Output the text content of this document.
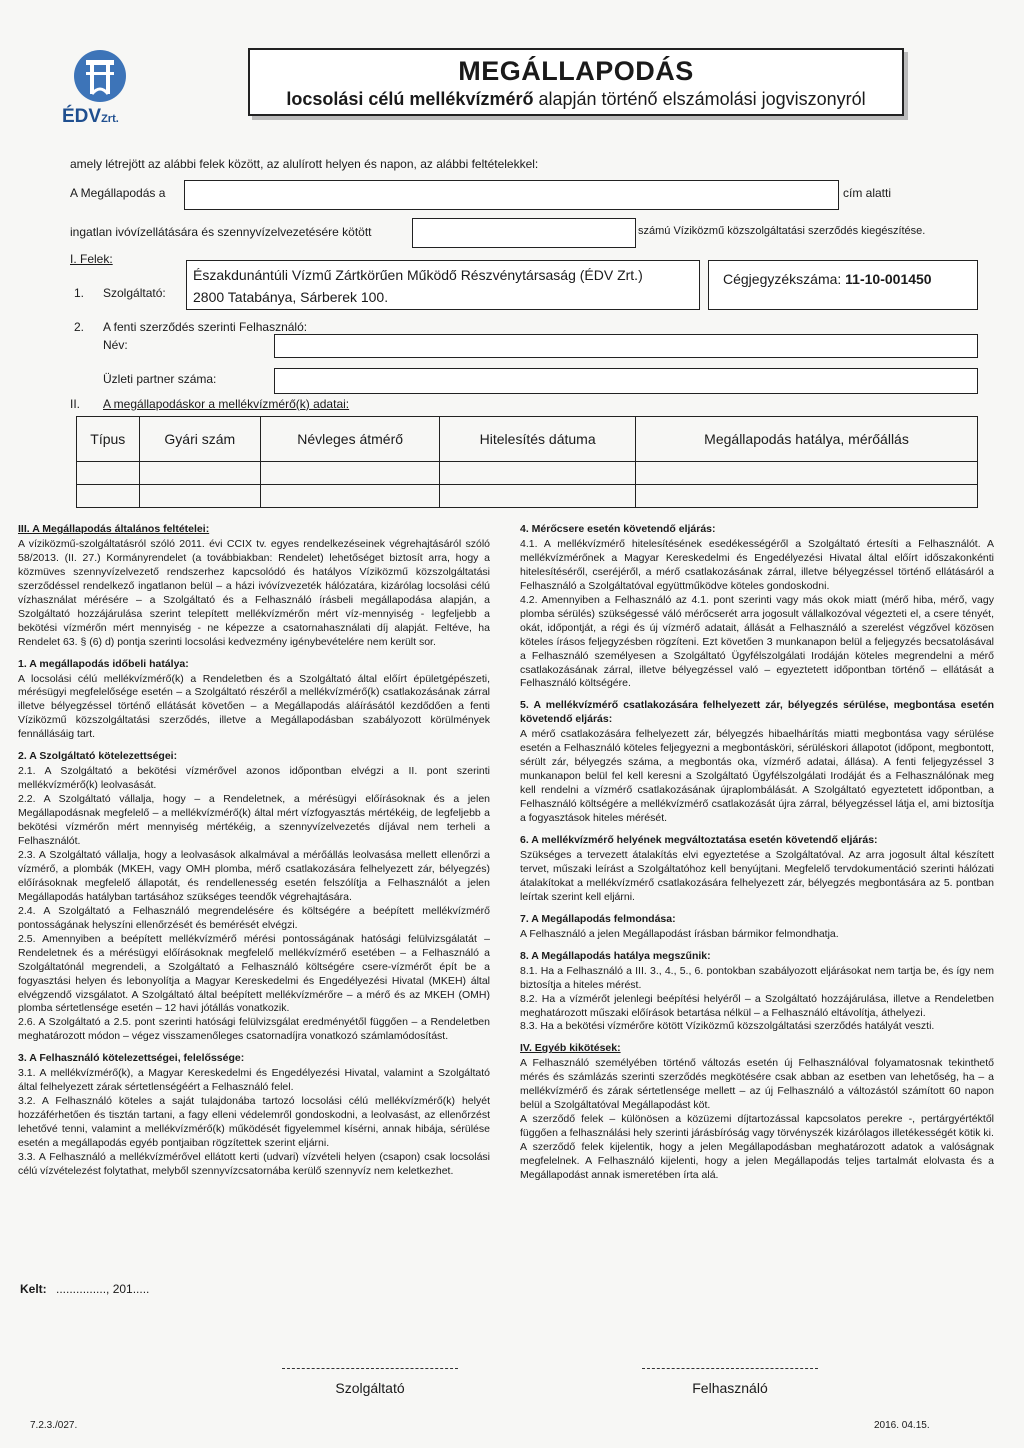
ÉDVZrt.
MEGÁLLAPODÁS
locsolási célú mellékvízmérő alapján történő elszámolási jogviszonyról
amely létrejött az alábbi felek között, az alulírott helyen és napon, az alábbi feltételekkel:
A Megállapodás a	cím alatti
ingatlan ivóvízellátására és szennyvízelvezetésére kötött	számú Víziközmű közszolgáltatási szerződés kiegészítése.
I. Felek:
1. Szolgáltató:
Északdunántúli Vízmű Zártkörűen Működő Részvénytársaság (ÉDV Zrt.)
2800 Tatabánya, Sárberek 100.
Cégjegyzékszáma: 11-10-001450
2. A fenti szerződés szerinti Felhasználó:
Név:
Üzleti partner száma:
II. A megállapodáskor a mellékvízmérő(k) adatai:
Típus	Gyári szám	Névleges átmérő	Hitelesítés dátuma	Megállapodás hatálya, mérőállás

III. A Megállapodás általános feltételei:

A víziközmű-szolgáltatásról szóló 2011. évi CCIX tv. egyes rendelkezéseinek végrehajtásáról szóló 58/2013. (II. 27.) Kormányrendelet (a továbbiakban: Rendelet) lehetőséget biztosít arra, hogy a közmüves szennyvízelvezető rendszerhez kapcsolódó és hatályos Víziközmű közszolgáltatási szerződéssel rendelkező ingatlanon belül – a házi ivóvízvezeték hálózatára, kizárólag locsolási célú vízhasználat mérésére – a Szolgáltató és a Felhasználó írásbeli megállapodása alapján, a Szolgáltató hozzájárulása szerint telepített mellékvízmérőn mért víz-mennyiség - legfeljebb a bekötési vízmérőn mért mennyiség - ne képezze a csatornahasználati díj alapját. Feltéve, ha Rendelet 63. § (6) d) pontja szerinti locsolási kedvezmény igénybevételére nem került sor.

1. A megállapodás időbeli hatálya:

A locsolási célú mellékvízmérő(k) a Rendeletben és a Szolgáltató által előírt épületgépészeti, mérésügyi megfelelősége esetén – a Szolgáltató részéről a mellékvízmérő(k) csatlakozásának zárral illetve bélyegzéssel történő ellátását követően – a Megállapodás aláírásától kezdődően a fenti Víziközmű közszolgáltatási szerződés, illetve a Megállapodásban szabályozott körülmények fennállásáig tart.

2. A Szolgáltató kötelezettségei:
2.1. A Szolgáltató a bekötési vízmérővel azonos időpontban elvégzi a II. pont szerinti mellékvízmérő(k) leolvasását.
2.2. A Szolgáltató vállalja, hogy – a Rendeletnek, a mérésügyi előírásoknak és a jelen Megállapodásnak megfelelő – a mellékvízmérő(k) által mért vízfogyasztás mértékéig, de legfeljebb a bekötési vízmérőn mért mennyiség mértékéig, a szennyvízelvezetés díjával nem terheli a Felhasználót.
2.3. A Szolgáltató vállalja, hogy a leolvasások alkalmával a mérőállás leolvasása mellett ellenőrzi a vízmérő, a plombák (MKEH, vagy OMH plomba, mérő csatlakozására felhelyezett zár, bélyegzés) előírásoknak megfelelő állapotát, és rendellenesség esetén felszólítja a Felhasználót a jelen Megállapodás hatályban tartásához szükséges teendők végrehajtására.
2.4. A Szolgáltató a Felhasználó megrendelésére és költségére a beépített mellékvízmérő pontosságának helyszíni ellenőrzését és bemérését elvégzi.
2.5. Amennyiben a beépített mellékvízmérő mérési pontosságának hatósági felülvizsgálatát – Rendeletnek és a mérésügyi előírásoknak megfelelő mellékvízmérő esetében – a Felhasználó a Szolgáltatónál megrendeli, a Szolgáltató a Felhasználó költségére csere-vízmérőt épít be a fogyasztási helyen és lebonyolítja a Magyar Kereskedelmi és Engedélyezési Hivatal (MKEH) által elvégzendő vizsgálatot. A Szolgáltató által beépített mellékvízmérőre – a mérő és az MKEH (OMH) plomba sértetlensége esetén – 12 havi jótállás vonatkozik.

2.6. A Szolgáltató a 2.5. pont szerinti hatósági felülvizsgálat eredményétől függően – a Rendeletben meghatározott módon – végez visszamenőleges csatornadíjra vonatkozó számlamódosítást.

3. A Felhasználó kötelezettségei, felelőssége:
3.1. A mellékvízmérő(k), a Magyar Kereskedelmi és Engedélyezési Hivatal, valamint a Szolgáltató által felhelyezett zárak sértetlenségéért a Felhasználó felel.
3.2. A Felhasználó köteles a saját tulajdonába tartozó locsolási célú mellékvízmérő(k) helyét hozzáférhetően és tisztán tartani, a fagy elleni védelemről gondoskodni, a leolvasást, az ellenőrzést lehetővé tenni, valamint a mellékvízmérő(k) működését figyelemmel kísérni, annak hibája, sérülése esetén a megállapodás egyéb pontjaiban rögzítettek szerint eljárni.
3.3. A Felhasználó a mellékvízmérővel ellátott kerti (udvari) vízvételi helyen (csapon) csak locsolási célú vízvételezést folytathat, melyből szennyvízcsatornába kerülő szennyvíz nem keletkezhet.
4. Mérőcsere esetén követendő eljárás:
4.1. A mellékvízmérő hitelesítésének esedékességéről a Szolgáltató értesíti a Felhasználót. A mellékvízmérőnek a Magyar Kereskedelmi és Engedélyezési Hivatal által előírt időszakonkénti hitelesítéséről, cseréjéről, a mérő csatlakozásának zárral, illetve bélyegzéssel történő ellátásáról a Felhasználó a Szolgáltatóval együttműködve köteles gondoskodni.

4.2. Amennyiben a Felhasználó az 4.1. pont szerinti vagy más okok miatt (mérő hiba, mérő, vagy plomba sérülés) szükségessé váló mérőcserét arra jogosult vállalkozóval végezteti el, a csere tényét, okát, időpontját, a régi és új vízmérő adatait, állását a Felhasználó a szerelést végzővel közösen köteles írásos feljegyzésben rögzíteni. Ezt követően 3 munkanapon belül a feljegyzés becsatolásával a Felhasználó személyesen a Szolgáltató Ügyfélszolgálati Irodáján köteles megrendelni a mérő csatlakozásának zárral, illetve bélyegzéssel való – egyeztetett időpontban történő – ellátását a Felhasználó költségére.

5. A mellékvízmérő csatlakozására felhelyezett zár, bélyegzés sérülése, megbontása esetén követendő eljárás:

A mérő csatlakozására felhelyezett zár, bélyegzés hibaelhárítás miatti megbontása vagy sérülése esetén a Felhasználó köteles feljegyezni a megbontásköri, sérüléskori állapotot (időpont, megbontott, sérült zár, bélyegzés száma, a megbontás oka, vízmérő adatai, állása). A fenti feljegyzéssel 3 munkanapon belül fel kell keresni a Szolgáltató Ügyfélszolgálati Irodáját és a Felhasználónak meg kell rendelni a vízmérő csatlakozásának újraplombálását. A Szolgáltató egyeztetett időpontban, a Felhasználó költségére a mellékvízmérő csatlakozását újra zárral, bélyegzéssel látja el, ami biztosítja a fogyasztások hiteles mérését.

6. A mellékvízmérő helyének megváltoztatása esetén követendő eljárás:

Szükséges a tervezett átalakítás elvi egyeztetése a Szolgáltatóval. Az arra jogosult által készített tervet, műszaki leírást a Szolgáltatóhoz kell benyújtani. Megfelelő tervdokumentáció szerinti hálózati átalakítokat a mellékvízmérő csatlakozására felhelyezett zár, bélyegzés megbontására az 5. pontban leírtak szerint kell eljárni.

7. A Megállapodás felmondása:

A Felhasználó a jelen Megállapodást írásban bármikor felmondhatja.

8. A Megállapodás hatálya megszűnik:
8.1. Ha a Felhasználó a III. 3., 4., 5., 6. pontokban szabályozott eljárásokat nem tartja be, és így nem biztosítja a hiteles mérést.
8.2. Ha a vízmérőt jelenlegi beépítési helyéről – a Szolgáltató hozzájárulása, illetve a Rendeletben meghatározott műszaki előírások betartása nélkül – a Felhasználó eltávolítja, áthelyezi.

8.3. Ha a bekötési vízmérőre kötött Víziközmű közszolgáltatási szerződés hatályát veszti.

IV. Egyéb kikötések:
A Felhasználó személyében történő változás esetén új Felhasználóval folyamatosnak tekinthető mérés és számlázás szerinti szerződés megkötésére csak abban az esetben van lehetőség, ha – a mellékvízmérő és zárak sértetlensége mellett – az új Felhasználó a változástól számított 60 napon belül a Szolgáltatóval Megállapodást köt.
A szerződő felek – különösen a közüzemi díjtartozással kapcsolatos perekre -, pertárgyértéktől függően a felhasználási hely szerinti járásbíróság vagy törvényszék kizárólagos illetékességét kötik ki.
A szerződő felek kijelentik, hogy a jelen Megállapodásban meghatározott adatok a valóságnak megfelelnek. A Felhasználó kijelenti, hogy a jelen Megállapodás teljes tartalmát elolvasta és a Megállapodást annak ismeretében írta alá.
Kelt: ..............., 201.....
Szolgáltató	Felhasználó
7.2.3./027.	2016. 04.15.
